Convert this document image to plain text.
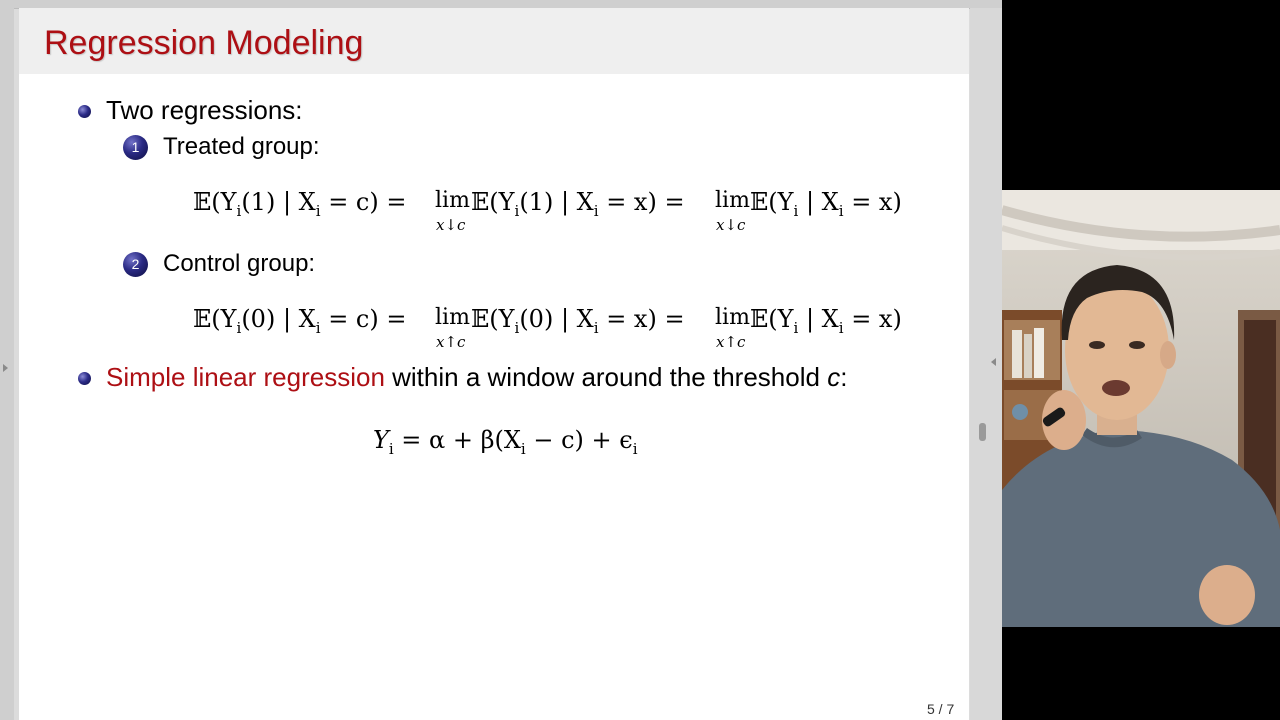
Regression Modeling
Two regressions:
1 Treated group:
$𝔼(Y_i(1)$ | $X_i = c) = \lim$
x↓c
$𝔼(Y_i(1)$ | $X_i = x) = \lim$
x↓c
$𝔼(Y_i$ | $X_i = x$)
2 Control group:
$𝔼(Y_i(0)$ | $X_i = c) = \lim$
x↑c
$𝔼(Y_i(0)$ | $X_i = x) = \lim$
x↑c
$𝔼(Y_i$ | $X_i = x$)
Simple linear regression within a window around the threshold c:
$Y_i = \alpha + \beta(X_i - c) + \epsilon_i$
5 / 7
